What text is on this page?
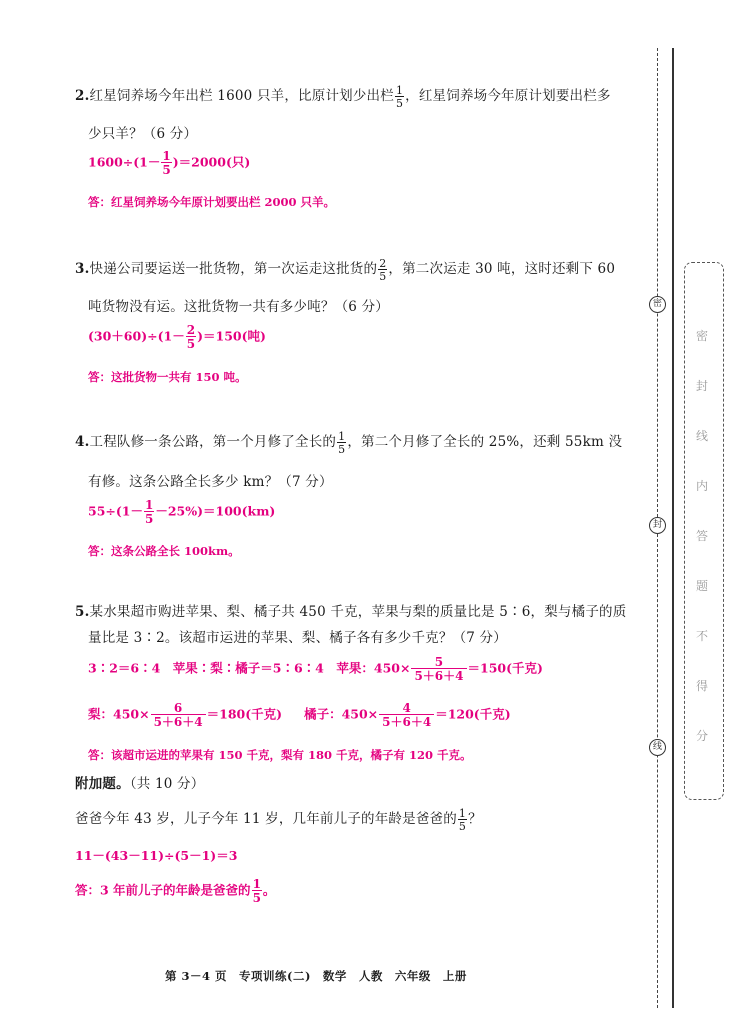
2.红星饲养场今年出栏 1600 只羊，比原计划少出栏 $\frac{1}{5}$ ，红星饲养场今年原计划要出栏多
少只羊？（6 分）
$1600\div(1- \frac{1}{5} )=2000$(只)
答：红星饲养场今年原计划要出栏 2000 只羊。
3.快递公司要运送一批货物，第一次运走这批货的 $\frac{2}{5}$ ，第二次运走 30 吨，这时还剩下 60
吨货物没有运。这批货物一共有多少吨？（6 分）
$(30+60)\div(1- \frac{2}{5} )=150$(吨)
答：这批货物一共有 150 吨。
4.工程队修一条公路，第一个月修了全长的 $\frac{1}{5}$ ，第二个月修了全长的 25%，还剩 55km 没
有修。这条公路全长多少 km？（7 分）
$55\div(1- \frac{1}{5} -25\%)=100(km)$
答：这条公路全长 100km。
5.某水果超市购进苹果、梨、橘子共 450 千克，苹果与梨的质量比是 5∶6，梨与橘子的质
量比是 3∶2。该超市运进的苹果、梨、橘子各有多少千克？（7 分）
3∶2＝6∶4　苹果∶梨∶橘子＝5∶6∶4　苹果：$450\times \frac{5}{5+6+4} =150$(千克)
梨：$450\times \frac{6}{5+6+4} =180$(千克) 橘子：$450\times \frac{4}{5+6+4} =120$(千克)
答：该超市运进的苹果有 150 千克，梨有 180 千克，橘子有 120 千克。
附加题。（共 10 分）
爸爸今年 43 岁，儿子今年 11 岁，几年前儿子的年龄是爸爸的 $\frac{1}{5}$ ？
11－(43－11)÷(5－1)＝3
答：3 年前儿子的年龄是爸爸的 $\frac{1}{5}$ 。
第 3－4 页　专项训练(二)　数学　人教　六年级　上册
密
封
线
密
封
线
内
答
题
不
得
分
